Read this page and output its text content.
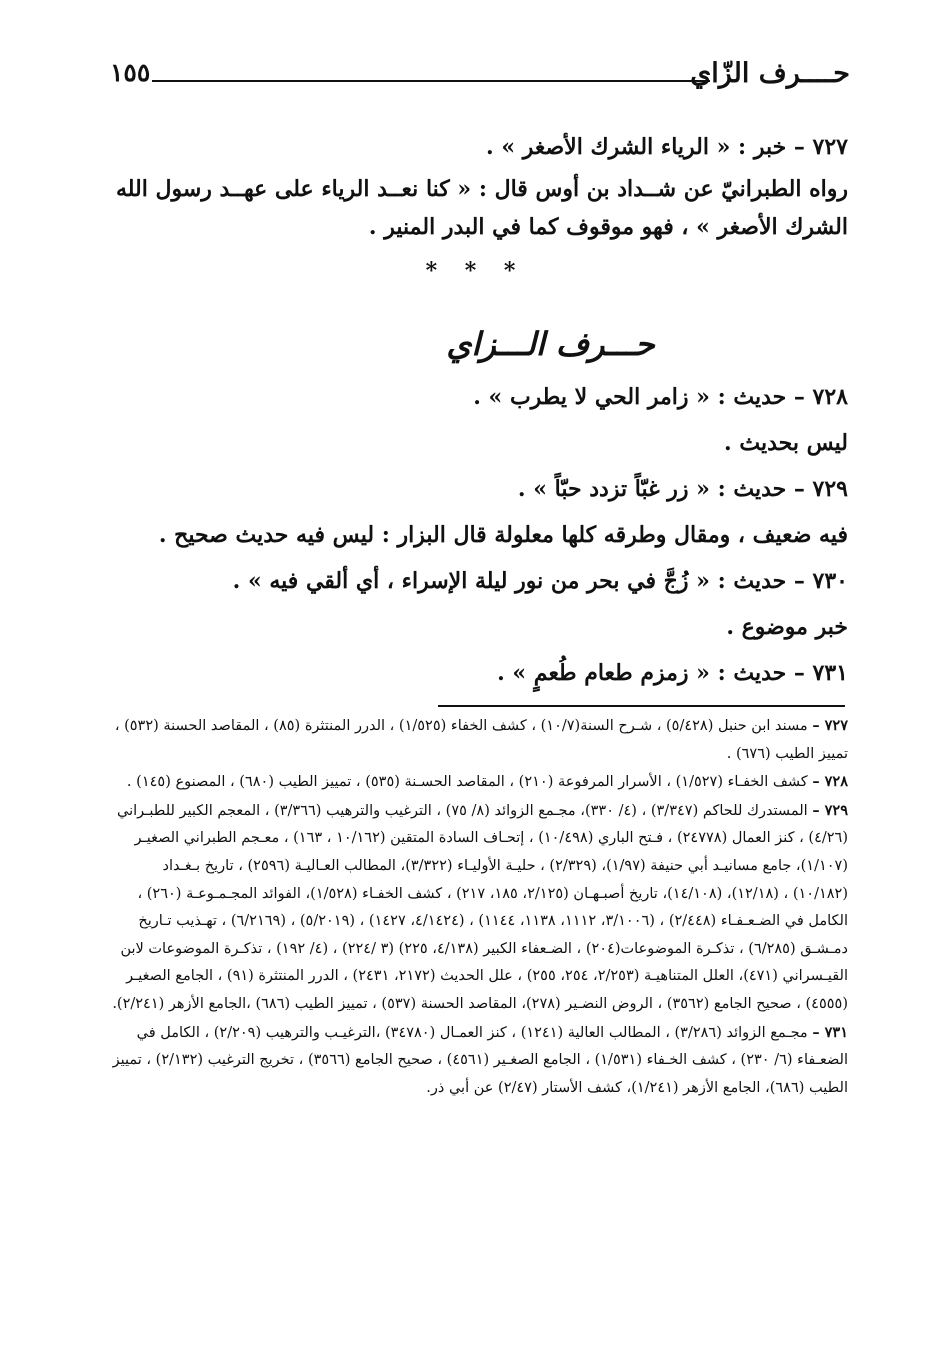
حــــرف الزّاي
١٥٥

٧٢٧ – خبر : « الرياء الشرك الأصغر » .

رواه الطبرانيّ عن شــداد بن أوس قال : « كنا نعــد الرياء على عهــد رسول الله

الشرك الأصغر » ، فهو موقوف كما في البدر المنير .

* * *
حـــرف الـــزاي

٧٢٨ – حديث : « زامر الحي لا يطرب » .

ليس بحديث .

٧٢٩ – حديث : « زر غبّاً تزدد حبّاً » .

فيه ضعيف ، ومقال وطرقه كلها معلولة قال البزار : ليس فيه حديث صحيح .

٧٣٠ – حديث : « زُجَّ في بحر من نور ليلة الإسراء ، أي ألقي فيه » .

خبر موضوع .

٧٣١ – حديث : « زمزم طعام طُعمٍ » .

٧٢٧ – مسند ابن حنبل (٥/٤٢٨) ، شـرح السنة(١٠/٧) ، كشف الخفاء (١/٥٢٥) ، الدرر المنتثرة (٨٥) ، المقاصد الحسنة (٥٣٢) ، تمييز الطيب (٦٧٦) .

٧٢٨ – كشف الخفـاء (١/٥٢٧) ، الأسرار المرفوعة (٢١٠) ، المقاصد الحسـنة (٥٣٥) ، تمييز الطيب (٦٨٠) ، المصنوع (١٤٥) .

٧٢٩ – المستدرك للحاكم (٣/٣٤٧) ، (٤/ ٣٣٠)، مجـمع الزوائد (٨/ ٧٥) ، الترغيب والترهيب (٣/٣٦٦) ، المعجم الكبير للطبـراني (٤/٢٦) ، كنز العمال (٢٤٧٧٨) ، فـتح الباري (١٠/٤٩٨) ، إتحـاف السادة المتقين (١٠/١٦٢ ، ١٦٣) ، معـجم الطبراني الصغيـر (١/١٠٧)، جامع مسانيـد أبي حنيفة (١/٩٧)، (٢/٣٢٩) ، حليـة الأوليـاء (٣/٣٢٢)، المطالب العـاليـة (٢٥٩٦) ، تاريخ بـغـداد (١٠/١٨٢) ، (١٢/١٨)، (١٤/١٠٨)، تاريخ أصبـهـان (٢/١٢٥، ١٨٥، ٢١٧) ، كشف الخفـاء (١/٥٢٨)، الفوائد المجـمـوعـة (٢٦٠) ، الكامل في الضـعـفـاء (٢/٤٤٨) ، (٣/١٠٠٦، ١١١٢، ١١٣٨، ١١٤٤) ، (٤/١٤٢٤، ١٤٢٧) ، (٥/٢٠١٩) ، (٦/٢١٦٩) ، تهـذيب تـاريخ دمـشـق (٦/٢٨٥) ، تذكـرة الموضوعات(٢٠٤) ، الضـعفاء الكبير (٤/١٣٨، ٢٢٥) (٣ /٢٢٤) ، (٤/ ١٩٢) ، تذكـرة الموضوعات لابن القيـسراني (٤٧١)، العلل المتناهيـة (٢/٢٥٣، ٢٥٤، ٢٥٥) ، علل الحديث (٢١٧٢، ٢٤٣١) ، الدرر المنتثرة (٩١) ، الجامع الصغيـر (٤٥٥٥) ، صحيح الجامع (٣٥٦٢) ، الروض النضـير (٢٧٨)، المقاصد الحسنة (٥٣٧) ، تمييز الطيب (٦٨٦) ،الجامع الأزهر (٢/٢٤١).

٧٣١ – مجـمع الزوائد (٣/٢٨٦) ، المطالب العالية (١٢٤١) ، كنز العمـال (٣٤٧٨٠) ،الترغيـب والترهيب (٢/٢٠٩) ، الكامل في الضعـفاء (٦/ ٢٣٠) ، كشف الخـفاء (١/٥٣١) ، الجامع الصغـير (٤٥٦١) ، صحيح الجامع (٣٥٦٦) ، تخريج الترغيب (٢/١٣٢) ، تمييز الطيب (٦٨٦)، الجامع الأزهر (١/٢٤١)، كشف الأستار (٢/٤٧) عن أبي ذر.
